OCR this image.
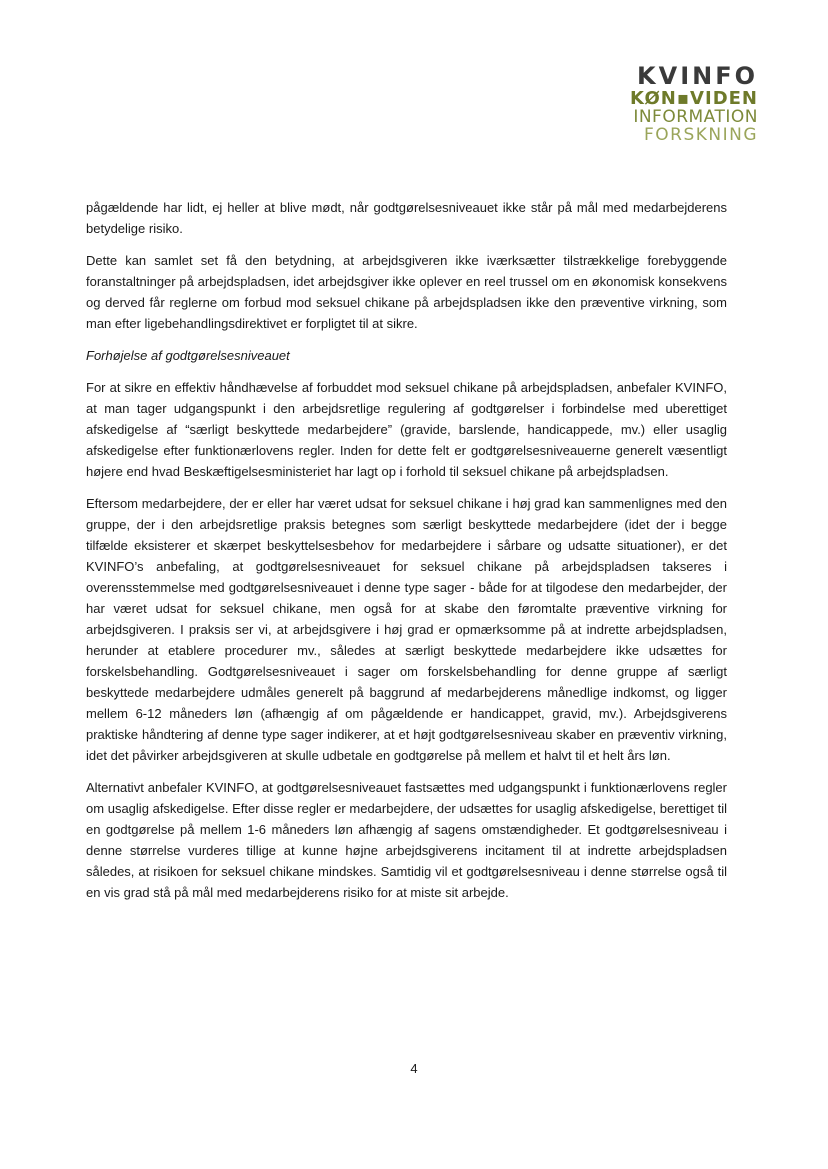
KVINFO
KØN▪VIDEN
INFORMATION
FORSKNING

pågældende har lidt, ej heller at blive mødt, når godtgørelsesniveauet ikke står på mål med medarbejderens betydelige risiko.

Dette kan samlet set få den betydning, at arbejdsgiveren ikke iværksætter tilstrækkelige forebyggende foranstaltninger på arbejdspladsen, idet arbejdsgiver ikke oplever en reel trussel om en økonomisk konsekvens og derved får reglerne om forbud mod seksuel chikane på arbejdspladsen ikke den præventive virkning, som man efter ligebehandlingsdirektivet er forpligtet til at sikre.

Forhøjelse af godtgørelsesniveauet

For at sikre en effektiv håndhævelse af forbuddet mod seksuel chikane på arbejdspladsen, anbefaler KVINFO, at man tager udgangspunkt i den arbejdsretlige regulering af godtgørelser i forbindelse med uberettiget afskedigelse af “særligt beskyttede medarbejdere” (gravide, barslende, handicappede, mv.) eller usaglig afskedigelse efter funktionærlovens regler. Inden for dette felt er godtgørelsesniveauerne generelt væsentligt højere end hvad Beskæftigelsesministeriet har lagt op i forhold til seksuel chikane på arbejdspladsen.

Eftersom medarbejdere, der er eller har været udsat for seksuel chikane i høj grad kan sammenlignes med den gruppe, der i den arbejdsretlige praksis betegnes som særligt beskyttede medarbejdere (idet der i begge tilfælde eksisterer et skærpet beskyttelsesbehov for medarbejdere i sårbare og udsatte situationer), er det KVINFO’s anbefaling, at godtgørelsesniveauet for seksuel chikane på arbejdspladsen takseres i overensstemmelse med godtgørelsesniveauet i denne type sager - både for at tilgodese den medarbejder, der har været udsat for seksuel chikane, men også for at skabe den føromtalte præventive virkning for arbejdsgiveren. I praksis ser vi, at arbejdsgivere i høj grad er opmærksomme på at indrette arbejdspladsen, herunder at etablere procedurer mv., således at særligt beskyttede medarbejdere ikke udsættes for forskelsbehandling. Godtgørelsesniveauet i sager om forskelsbehandling for denne gruppe af særligt beskyttede medarbejdere udmåles generelt på baggrund af medarbejderens månedlige indkomst, og ligger mellem 6-12 måneders løn (afhængig af om pågældende er handicappet, gravid, mv.). Arbejdsgiverens praktiske håndtering af denne type sager indikerer, at et højt godtgørelsesniveau skaber en præventiv virkning, idet det påvirker arbejdsgiveren at skulle udbetale en godtgørelse på mellem et halvt til et helt års løn.

Alternativt anbefaler KVINFO, at godtgørelsesniveauet fastsættes med udgangspunkt i funktionærlovens regler om usaglig afskedigelse. Efter disse regler er medarbejdere, der udsættes for usaglig afskedigelse, berettiget til en godtgørelse på mellem 1-6 måneders løn afhængig af sagens omstændigheder. Et godtgørelsesniveau i denne størrelse vurderes tillige at kunne højne arbejdsgiverens incitament til at indrette arbejdspladsen således, at risikoen for seksuel chikane mindskes. Samtidig vil et godtgørelsesniveau i denne størrelse også til en vis grad stå på mål med medarbejderens risiko for at miste sit arbejde.

4
